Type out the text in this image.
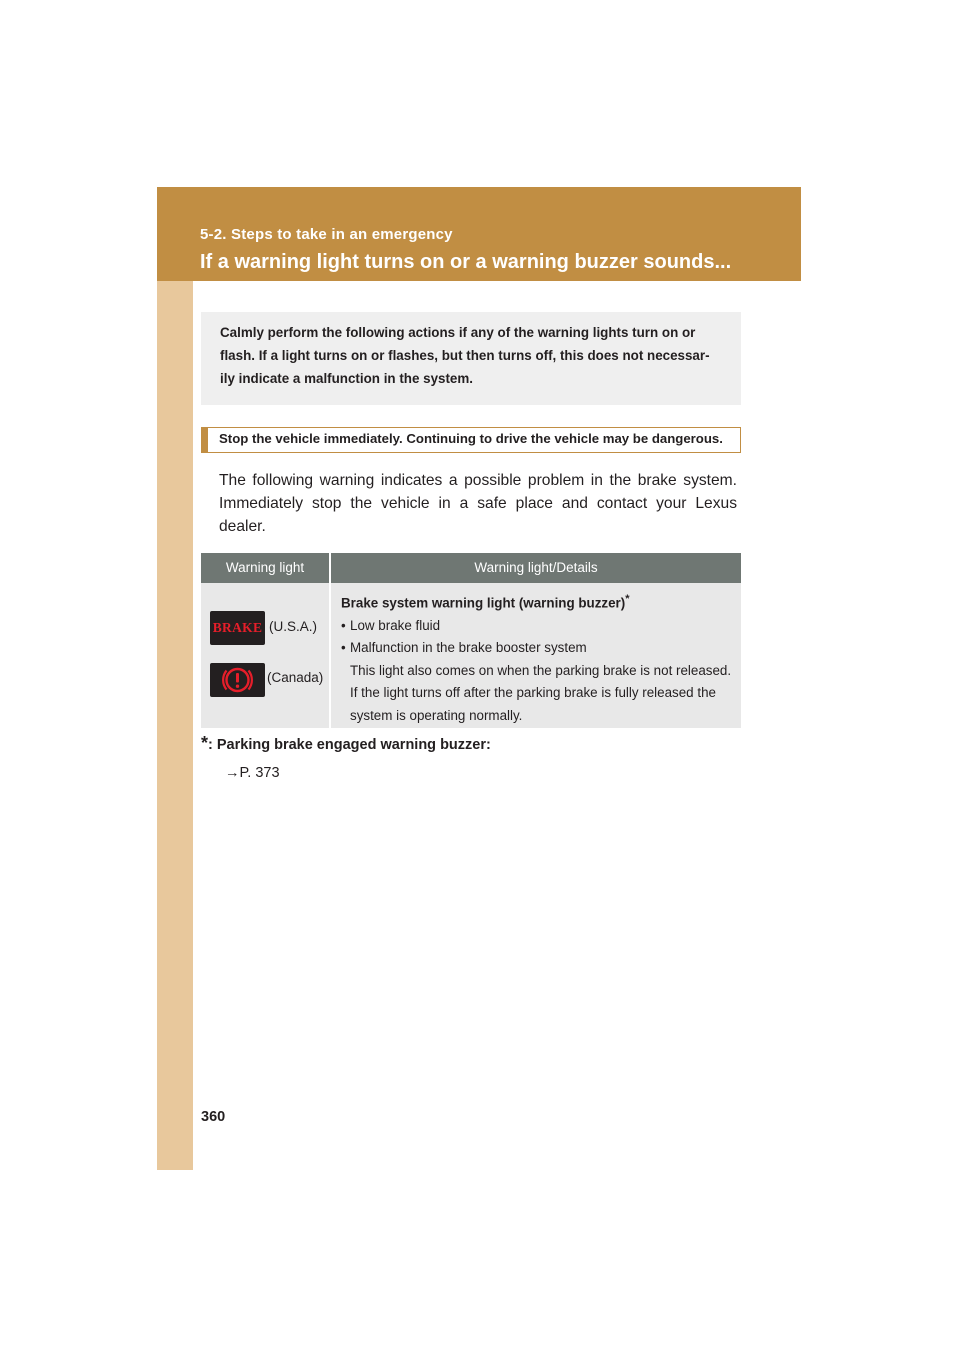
5-2. Steps to take in an emergency
If a warning light turns on or a warning buzzer sounds...
Calmly perform the following actions if any of the warning lights turn on or flash. If a light turns on or flashes, but then turns off, this does not necessar-ily indicate a malfunction in the system.
Stop the vehicle immediately. Continuing to drive the vehicle may be dangerous.
The following warning indicates a possible problem in the brake system. Immediately stop the vehicle in a safe place and contact your Lexus dealer.
Warning light	Warning light/Details
BRAKE (U.S.A.)
(Canada)
Brake system warning light (warning buzzer)*
• Low brake fluid
• Malfunction in the brake booster system
This light also comes on when the parking brake is not released. If the light turns off after the parking brake is fully released the system is operating normally.
*: Parking brake engaged warning buzzer:
→P. 373
360
